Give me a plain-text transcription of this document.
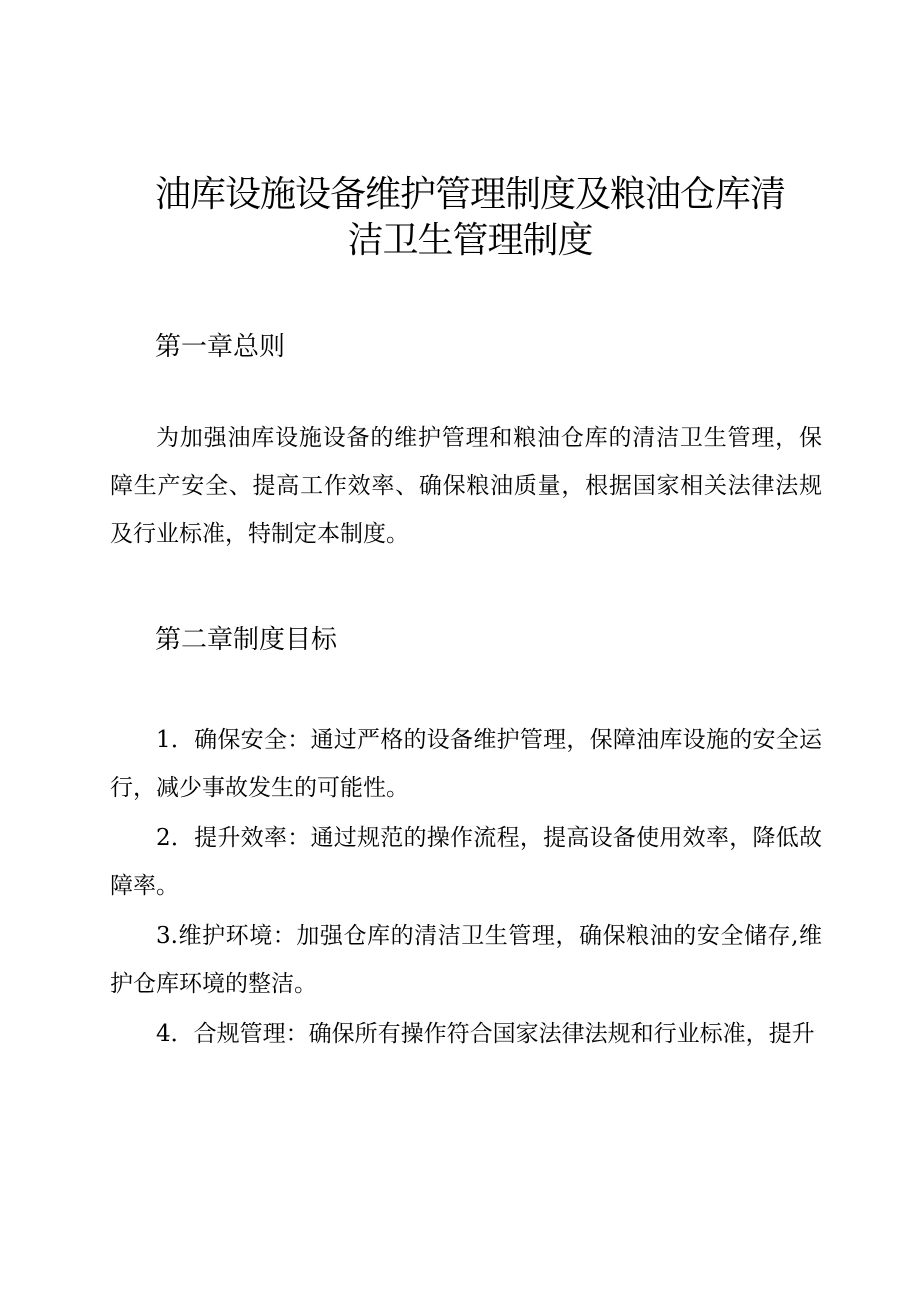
油库设施设备维护管理制度及粮油仓库清
洁卫生管理制度
第一章总则
为加强油库设施设备的维护管理和粮油仓库的清洁卫生管理，保障生产安全、提高工作效率、确保粮油质量，根据国家相关法律法规及行业标准，特制定本制度。
第二章制度目标
1．确保安全：通过严格的设备维护管理，保障油库设施的安全运行，减少事故发生的可能性。
2．提升效率：通过规范的操作流程，提高设备使用效率，降低故障率。
3.维护环境：加强仓库的清洁卫生管理，确保粮油的安全储存,维护仓库环境的整洁。
4．合规管理：确保所有操作符合国家法律法规和行业标准，提升
